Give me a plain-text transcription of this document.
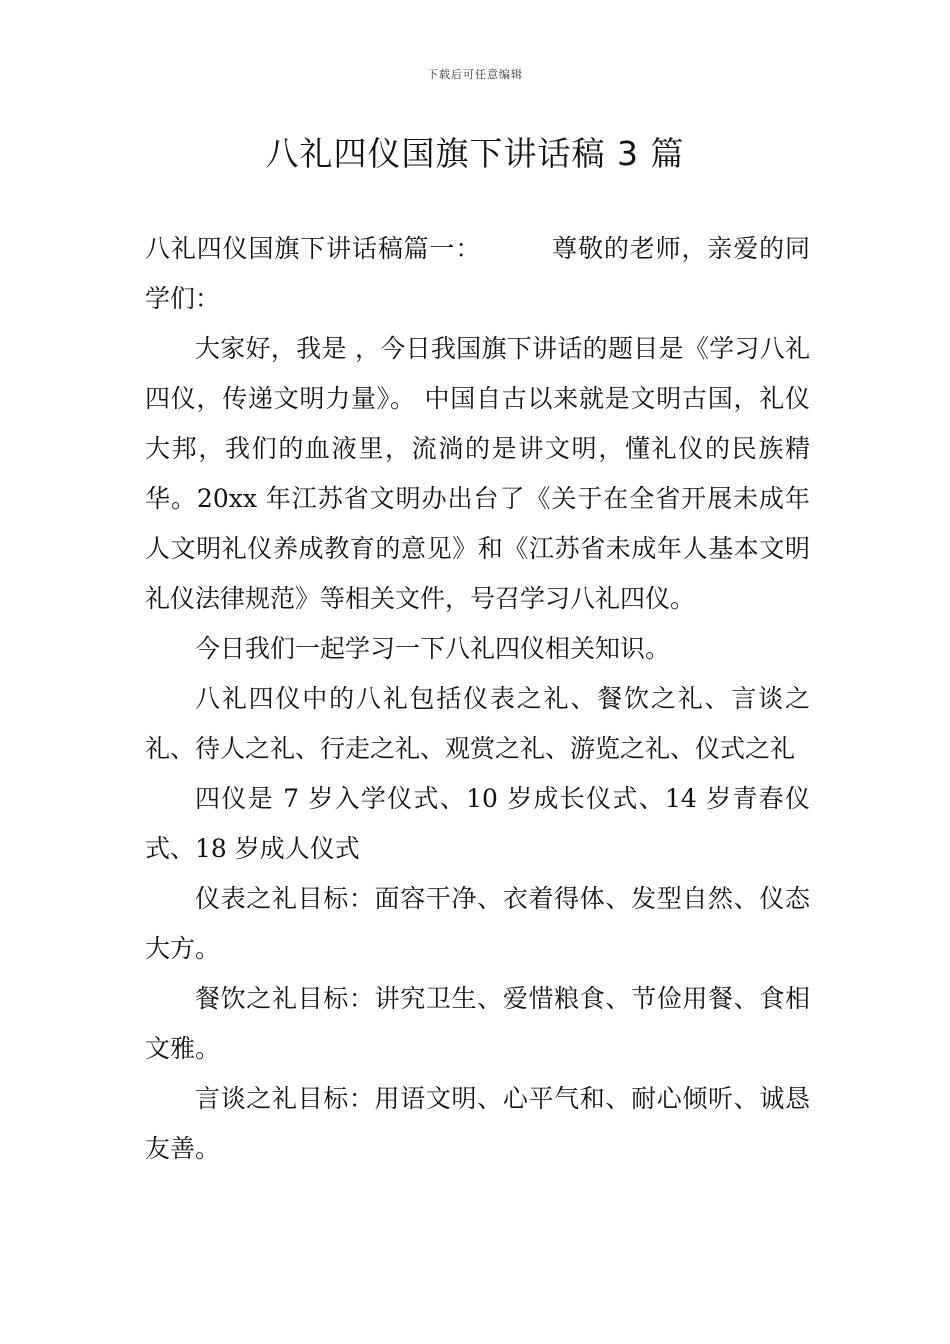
下载后可任意编辑
八礼四仪国旗下讲话稿 3 篇

八礼四仪国旗下讲话稿篇一：	尊敬的老师，亲爱的同学们：

大家好，我是 ，今日我国旗下讲话的题目是《学习八礼四仪，传递文明力量》。 中国自古以来就是文明古国，礼仪大邦，我们的血液里，流淌的是讲文明，懂礼仪的民族精华。20xx 年江苏省文明办出台了《关于在全省开展未成年人文明礼仪养成教育的意见》和《江苏省未成年人基本文明礼仪法律规范》等相关文件，号召学习八礼四仪。

今日我们一起学习一下八礼四仪相关知识。

八礼四仪中的八礼包括仪表之礼、餐饮之礼、言谈之礼、待人之礼、行走之礼、观赏之礼、游览之礼、仪式之礼

四仪是 7 岁入学仪式、10 岁成长仪式、14 岁青春仪式、18 岁成人仪式

仪表之礼目标：面容干净、衣着得体、发型自然、仪态大方。

餐饮之礼目标：讲究卫生、爱惜粮食、节俭用餐、食相文雅。

言谈之礼目标：用语文明、心平气和、耐心倾听、诚恳友善。
